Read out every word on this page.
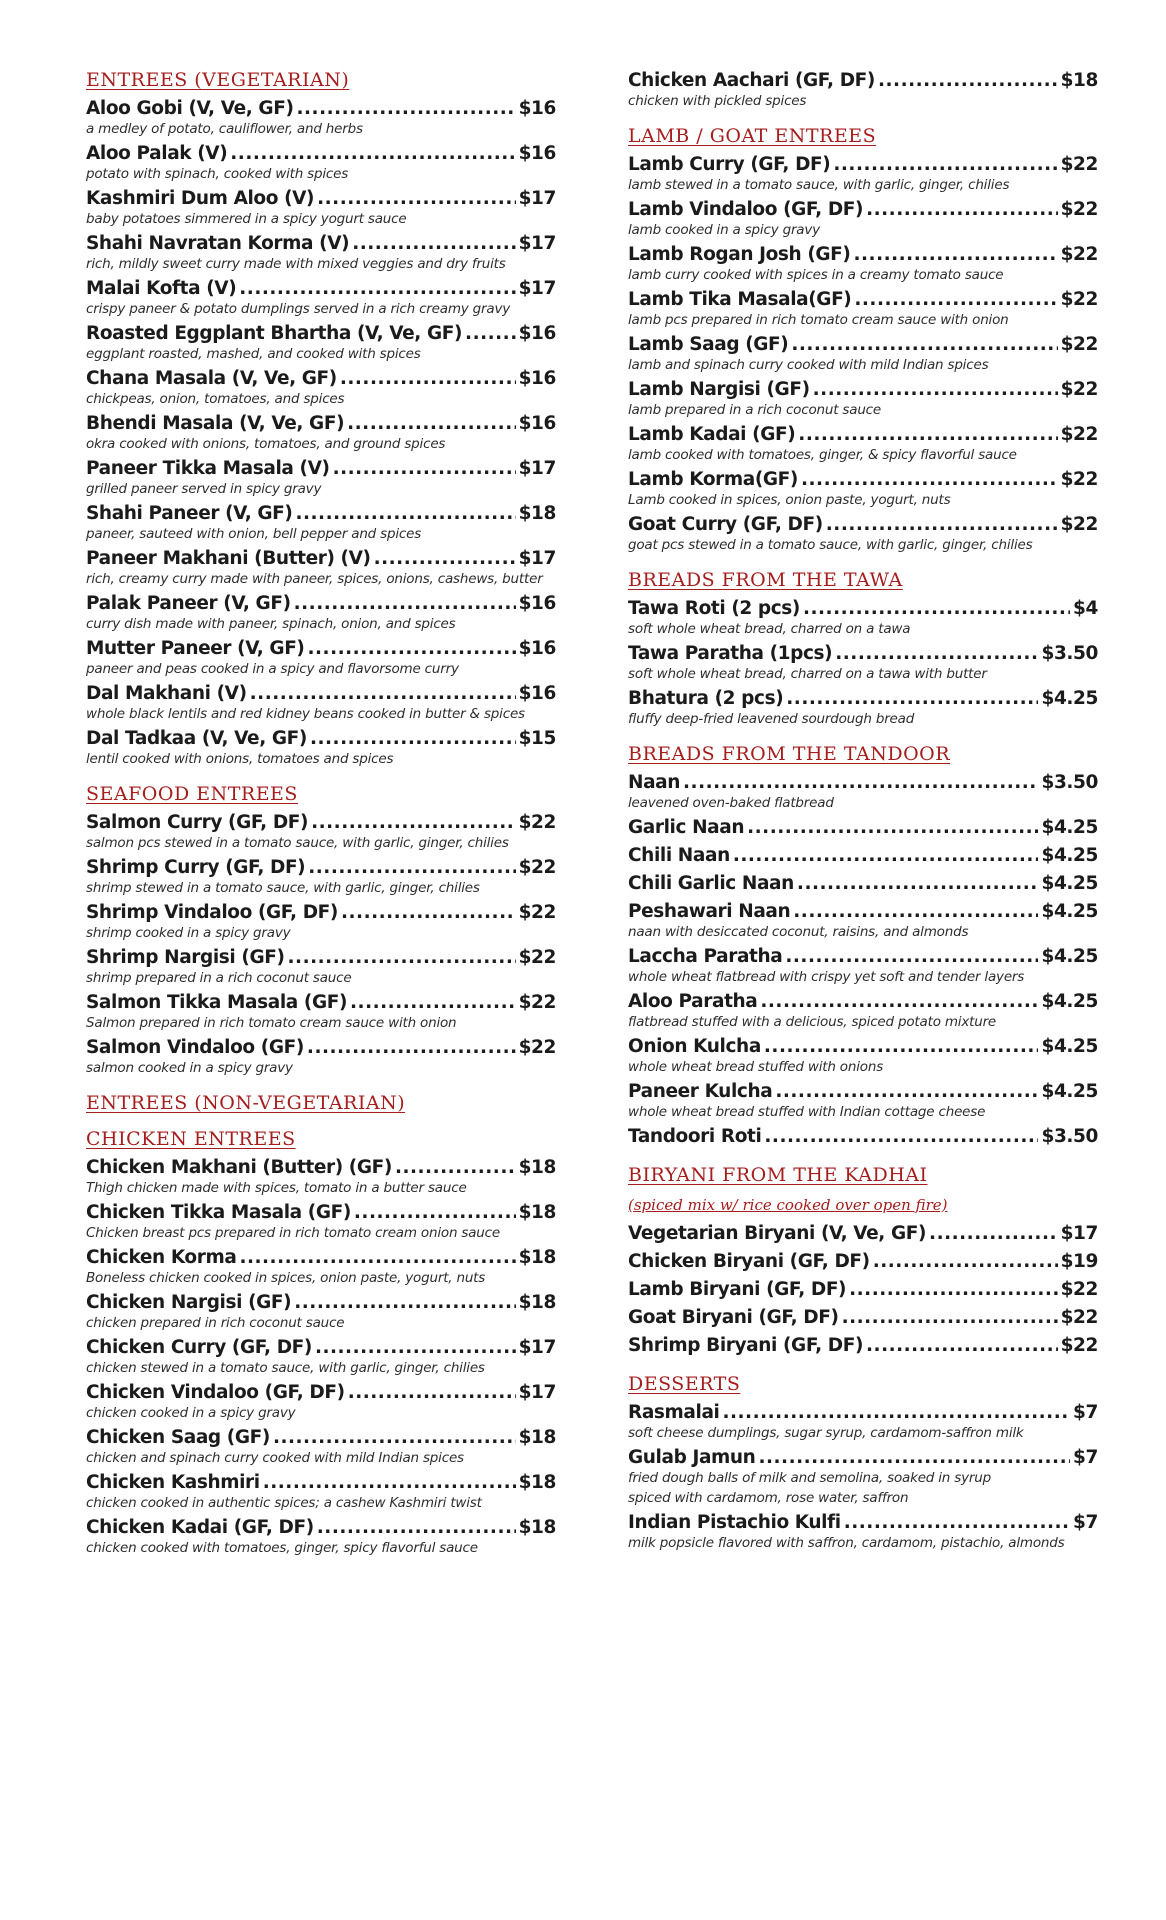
ENTREES (VEGETARIAN)
Aloo Gobi (V, Ve, GF) .....	$16
a medley of potato, cauliflower, and herbs
Aloo Palak (V) .....	$16
potato with spinach, cooked with spices
Kashmiri Dum Aloo (V) .....	$17
baby potatoes simmered in a spicy yogurt sauce
Shahi Navratan Korma (V) .....	$17
rich, mildly sweet curry made with mixed veggies and dry fruits
Malai Kofta (V) .....	$17
crispy paneer & potato dumplings served in a rich creamy gravy
Roasted Eggplant Bhartha (V, Ve, GF) .....	$16
eggplant roasted, mashed, and cooked with spices
Chana Masala (V, Ve, GF) .....	$16
chickpeas, onion, tomatoes, and spices
Bhendi Masala (V, Ve, GF) .....	$16
okra cooked with onions, tomatoes, and ground spices
Paneer Tikka Masala (V) .....	$17
grilled paneer served in spicy gravy
Shahi Paneer (V, GF) .....	$18
paneer, sauteed with onion, bell pepper and spices
Paneer Makhani (Butter) (V) .....	$17
rich, creamy curry made with paneer, spices, onions, cashews, butter
Palak Paneer (V, GF) .....	$16
curry dish made with paneer, spinach, onion, and spices
Mutter Paneer (V, GF) .....	$16
paneer and peas cooked in a spicy and flavorsome curry
Dal Makhani (V) .....	$16
whole black lentils and red kidney beans cooked in butter & spices
Dal Tadkaa (V, Ve, GF) .....	$15
lentil cooked with onions, tomatoes and spices
SEAFOOD ENTREES
Salmon Curry (GF, DF) .....	$22
salmon pcs stewed in a tomato sauce, with garlic, ginger, chilies
Shrimp Curry (GF, DF) .....	$22
shrimp stewed in a tomato sauce, with garlic, ginger, chilies
Shrimp Vindaloo (GF, DF) .....	$22
shrimp cooked in a spicy gravy
Shrimp Nargisi (GF) .....	$22
shrimp prepared in a rich coconut sauce
Salmon Tikka Masala (GF) .....	$22
Salmon prepared in rich tomato cream sauce with onion
Salmon Vindaloo (GF) .....	$22
salmon cooked in a spicy gravy
ENTREES (NON-VEGETARIAN)
CHICKEN ENTREES
Chicken Makhani (Butter) (GF) .....	$18
Thigh chicken made with spices, tomato in a butter sauce
Chicken Tikka Masala (GF) .....	$18
Chicken breast pcs prepared in rich tomato cream onion sauce
Chicken Korma .....	$18
Boneless chicken cooked in spices, onion paste, yogurt, nuts
Chicken Nargisi (GF) .....	$18
chicken prepared in rich coconut sauce
Chicken Curry (GF, DF) .....	$17
chicken stewed in a tomato sauce, with garlic, ginger, chilies
Chicken Vindaloo (GF, DF) .....	$17
chicken cooked in a spicy gravy
Chicken Saag (GF) .....	$18
chicken and spinach curry cooked with mild Indian spices
Chicken Kashmiri .....	$18
chicken cooked in authentic spices; a cashew Kashmiri twist
Chicken Kadai (GF, DF) .....	$18
chicken cooked with tomatoes, ginger, spicy flavorful sauce
Chicken Aachari (GF, DF) .....	$18
chicken with pickled spices
LAMB / GOAT ENTREES
Lamb Curry (GF, DF) .....	$22
lamb stewed in a tomato sauce, with garlic, ginger, chilies
Lamb Vindaloo (GF, DF) .....	$22
lamb cooked in a spicy gravy
Lamb Rogan Josh (GF) .....	$22
lamb curry cooked with spices in a creamy tomato sauce
Lamb Tika Masala(GF) .....	$22
lamb pcs prepared in rich tomato cream sauce with onion
Lamb Saag (GF) .....	$22
lamb and spinach curry cooked with mild Indian spices
Lamb Nargisi (GF) .....	$22
lamb prepared in a rich coconut sauce
Lamb Kadai (GF) .....	$22
lamb cooked with tomatoes, ginger, & spicy flavorful sauce
Lamb Korma(GF) .....	$22
Lamb cooked in spices, onion paste, yogurt, nuts
Goat Curry (GF, DF) .....	$22
goat pcs stewed in a tomato sauce, with garlic, ginger, chilies
BREADS FROM THE TAWA
Tawa Roti (2 pcs) .....	$4
soft whole wheat bread, charred on a tawa
Tawa Paratha (1pcs) .....	$3.50
soft whole wheat bread, charred on a tawa with butter
Bhatura (2 pcs) .....	$4.25
fluffy deep-fried leavened sourdough bread
BREADS FROM THE TANDOOR
Naan .....	$3.50
leavened oven-baked flatbread
Garlic Naan .....	$4.25
Chili Naan .....	$4.25
Chili Garlic Naan .....	$4.25
Peshawari Naan .....	$4.25
naan with desiccated coconut, raisins, and almonds
Laccha Paratha .....	$4.25
whole wheat flatbread with crispy yet soft and tender layers
Aloo Paratha .....	$4.25
flatbread stuffed with a delicious, spiced potato mixture
Onion Kulcha .....	$4.25
whole wheat bread stuffed with onions
Paneer Kulcha .....	$4.25
whole wheat bread stuffed with Indian cottage cheese
Tandoori Roti .....	$3.50
BIRYANI FROM THE KADHAI
(spiced mix w/ rice cooked over open fire)
Vegetarian Biryani (V, Ve, GF) .....	$17
Chicken Biryani (GF, DF) .....	$19
Lamb Biryani (GF, DF) .....	$22
Goat Biryani (GF, DF) .....	$22
Shrimp Biryani (GF, DF) .....	$22
DESSERTS
Rasmalai .....	$7
soft cheese dumplings, sugar syrup, cardamom-saffron milk
Gulab Jamun .....	$7
fried dough balls of milk and semolina, soaked in syrup
spiced with cardamom, rose water, saffron
Indian Pistachio Kulfi .....	$7
milk popsicle flavored with saffron, cardamom, pistachio, almonds
